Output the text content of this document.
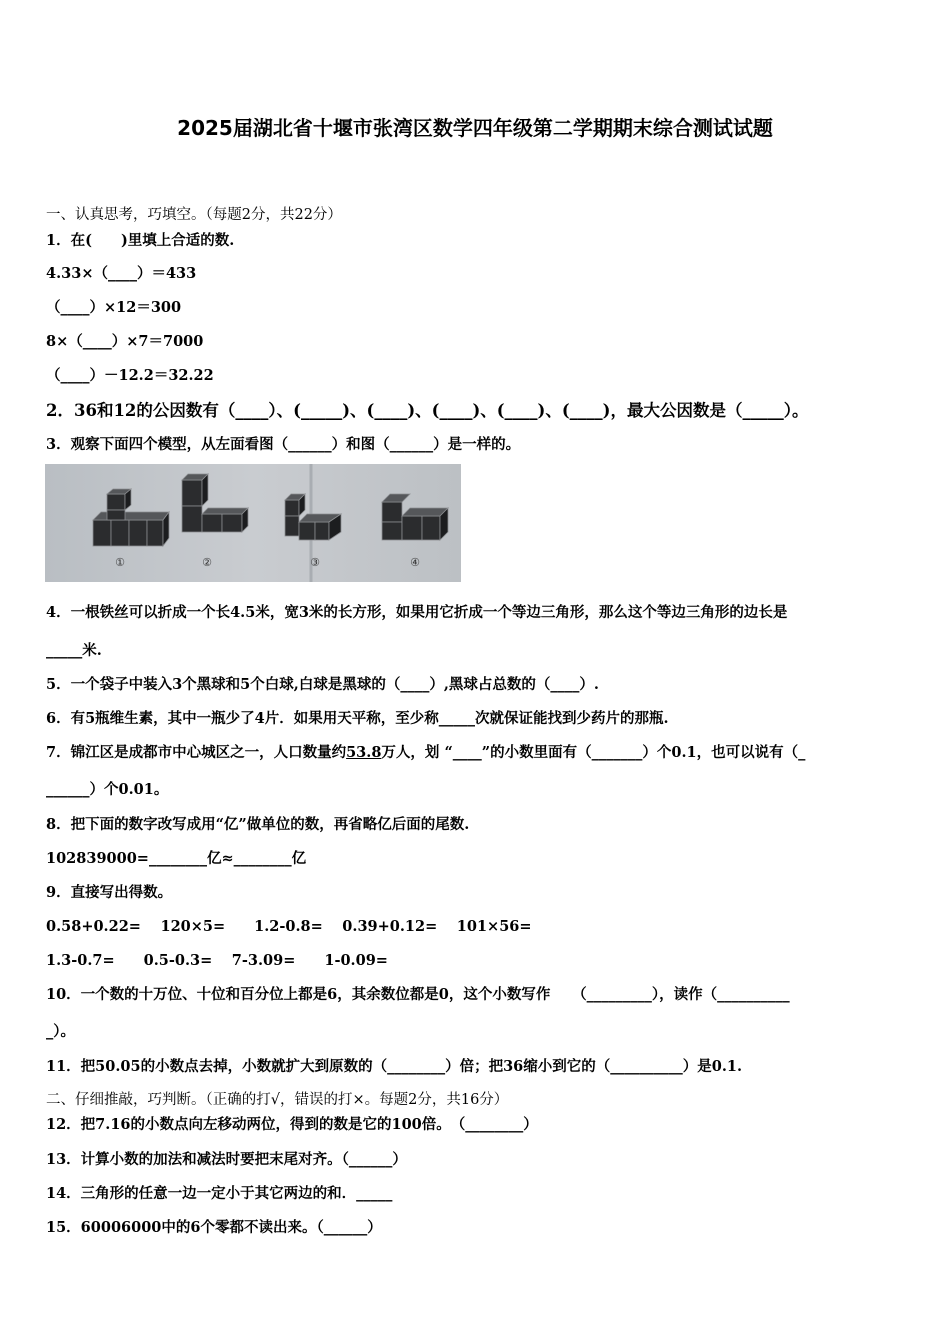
2025届湖北省十堰市张湾区数学四年级第二学期期末综合测试试题
一、认真思考，巧填空。（每题2分，共22分）
1．在(　　)里填上合适的数.
4.33×（____）＝433
（____）×12＝300
8×（____）×7＝7000
（____）－12.2＝32.22
2．36和12的公因数有（____）、(_____)、(____)、(____)、(____)、(____)，最大公因数是（_____）。
3．观察下面四个模型，从左面看图（______）和图（______）是一样的。
①	②	③	④
4．一根铁丝可以折成一个长4.5米，宽3米的长方形，如果用它折成一个等边三角形，那么这个等边三角形的边长是
_____米.
5．一个袋子中装入3个黑球和5个白球,白球是黑球的（____）,黑球占总数的（____）.
6．有5瓶维生素，其中一瓶少了4片．如果用天平称，至少称_____次就保证能找到少药片的那瓶.
7．锦江区是成都市中心城区之一，人口数量约53.8万人，划 “____”的小数里面有（_______）个0.1，也可以说有（_
______）个0.01。
8．把下面的数字改写成用“亿”做单位的数，再省略亿后面的尾数.
102839000=________亿≈________亿
9．直接写出得数。
0.58+0.22=　 120×5=　　1.2-0.8=　 0.39+0.12=　 101×56=
1.3-0.7=　　0.5-0.3=　 7-3.09=　　1-0.09=
10．一个数的十万位、十位和百分位上都是6，其余数位都是0，这个小数写作　　（_________），读作（__________
_）。
11．把50.05的小数点去掉，小数就扩大到原数的（________）倍；把36缩小到它的（__________）是0.1.
二、仔细推敲，巧判断。（正确的打√，错误的打×。每题2分，共16分）
12．把7.16的小数点向左移动两位，得到的数是它的100倍。　（________）
13．计算小数的加法和减法时要把末尾对齐。（______）
14．三角形的任意一边一定小于其它两边的和．_____
15．60006000中的6个零都不读出来。（______）
